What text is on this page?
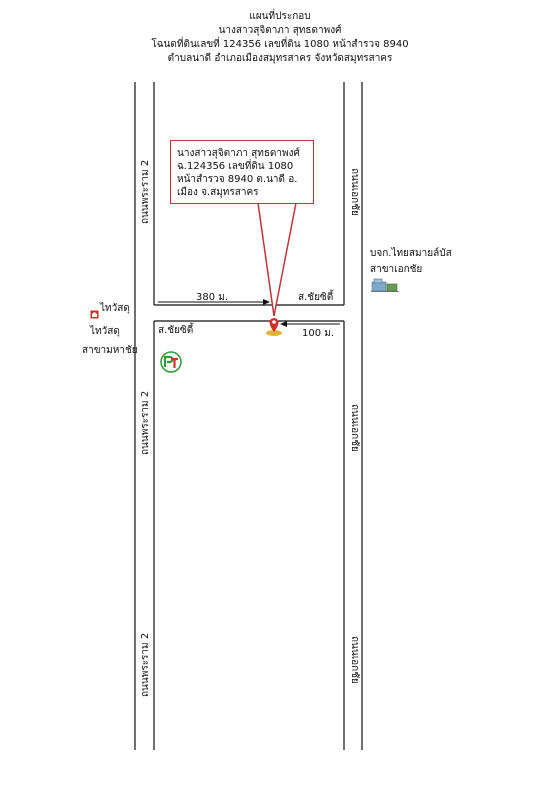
แผนที่ประกอบ
นางสาวสุจิตาภา สุทธดาพงศ์
โฉนดที่ดินเลขที่ 124356 เลขที่ดิน 1080 หน้าสำรวจ 8940
ตำบลนาดี อำเภอเมืองสมุทรสาคร จังหวัดสมุทรสาคร
นางสาวสุจิตาภา สุทธดาพงศ์
ฉ.124356 เลขที่ดิน 1080
หน้าสำรวจ 8940 ต.นาดี อ.
เมือง จ.สมุทรสาคร
ถนนพระราม 2
ถนนพระราม 2
ถนนพระราม 2
ถนนเอกชัย
ถนนเอกชัย
ถนนเอกชัย
380 ม.	ส.ชัยซิตี้
ส.ชัยซิตี้	100 ม.
ไทวัสดุ
ไทวัสดุ
สาขามหาชัย
บจก.ไทยสมายล์บัส
สาขาเอกชัย
